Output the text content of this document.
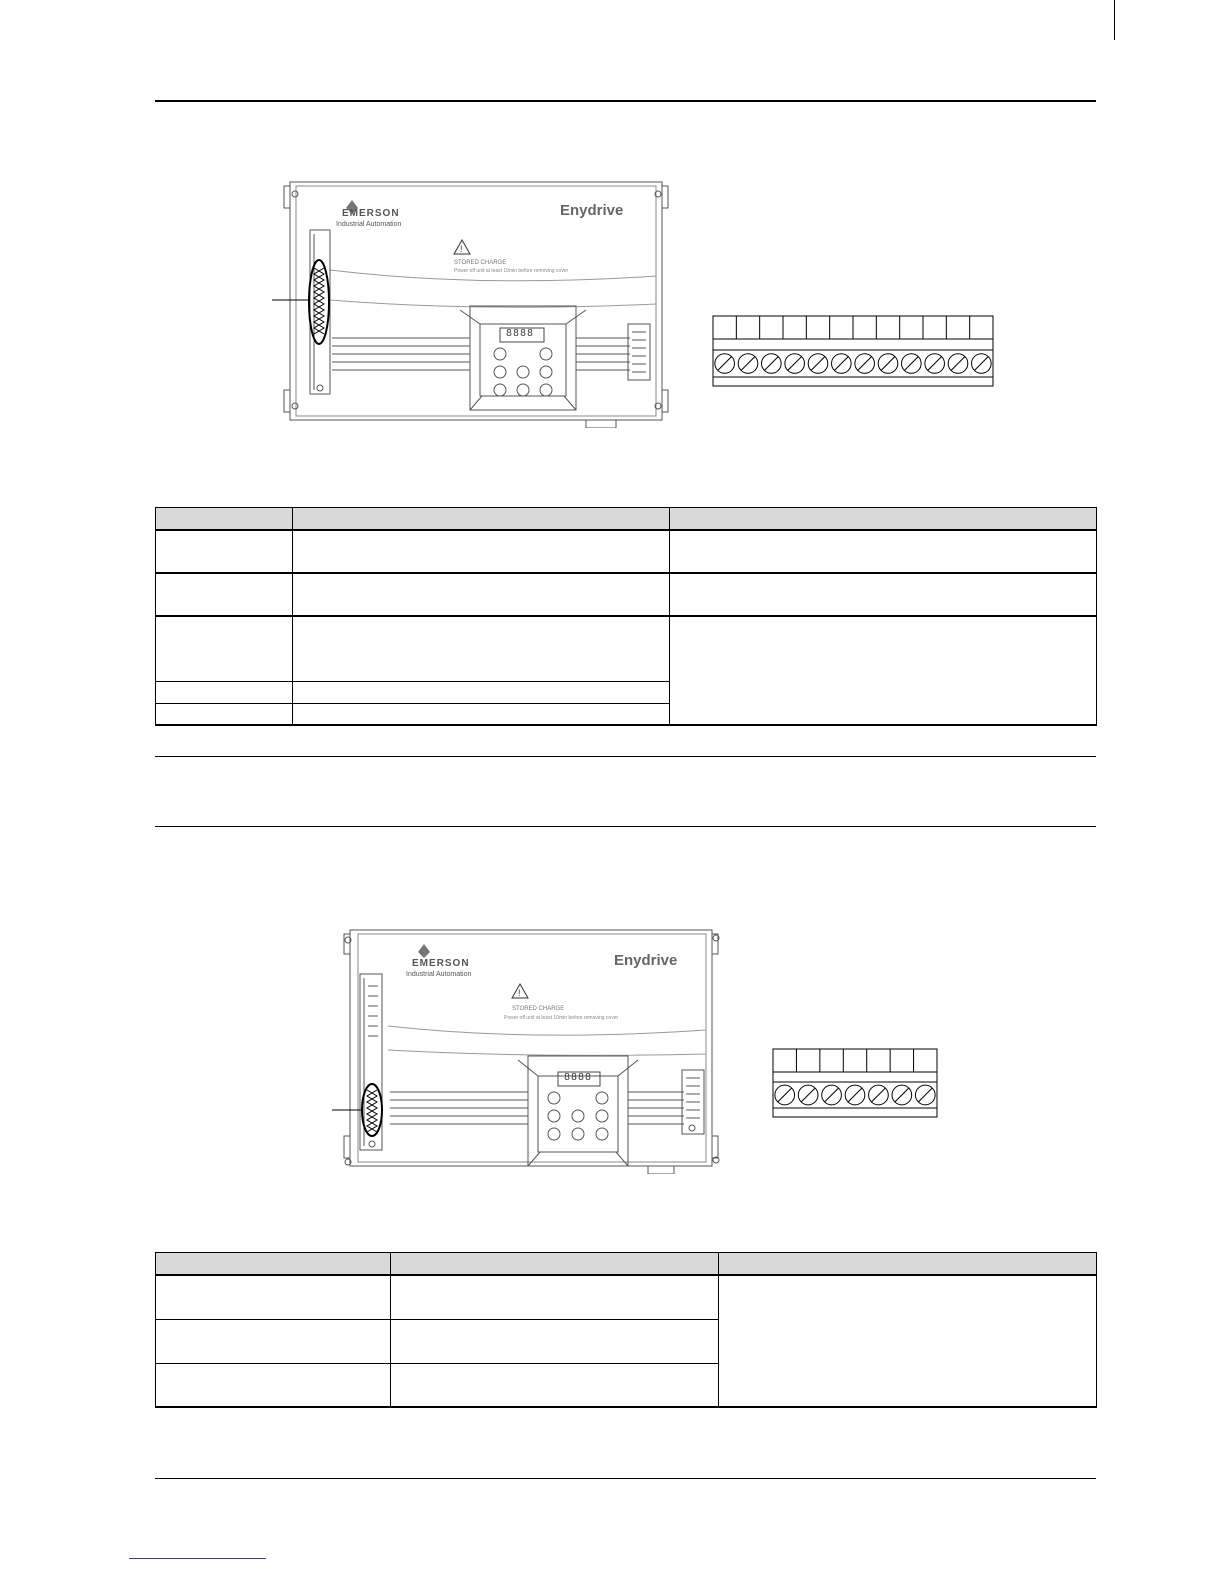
!
EMERSON
Industrial Automation
Enydrive
STORED CHARGE
Power off unit at least 10min before removing cover
8888

!
EMERSON
Industrial Automation
Enydrive
STORED CHARGE
Power off unit at least 10min before removing cover
8888
